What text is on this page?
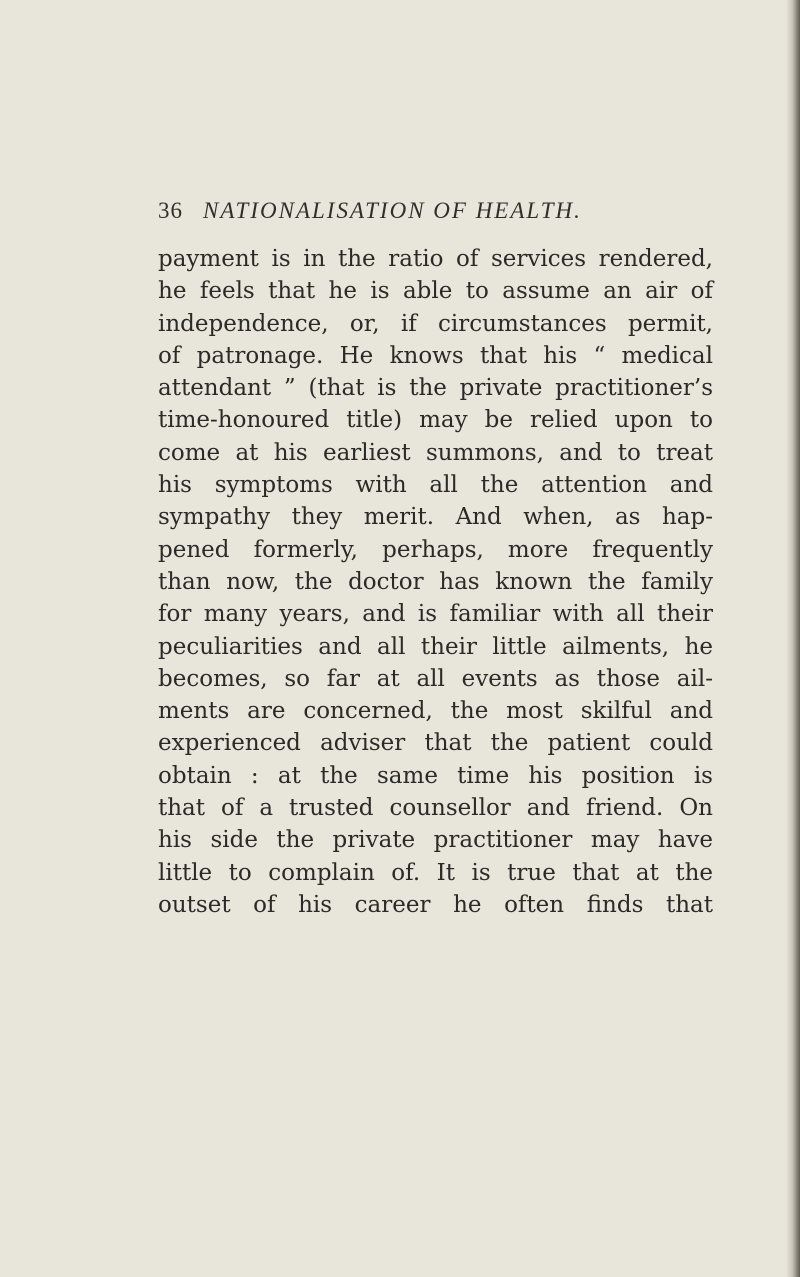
36 NATIONALISATION OF HEALTH.
payment is in the ratio of services rendered,
he feels that he is able to assume an air of
independence, or, if circumstances permit,
of patronage. He knows that his “ medical
attendant ” (that is the private practitioner’s
time-honoured title) may be relied upon to
come at his earliest summons, and to treat
his symptoms with all the attention and
sympathy they merit. And when, as hap-
pened formerly, perhaps, more frequently
than now, the doctor has known the family
for many years, and is familiar with all their
peculiarities and all their little ailments, he
becomes, so far at all events as those ail-
ments are concerned, the most skilful and
experienced adviser that the patient could
obtain : at the same time his position is
that of a trusted counsellor and friend. On
his side the private practitioner may have
little to complain of. It is true that at the
outset of his career he often finds that
